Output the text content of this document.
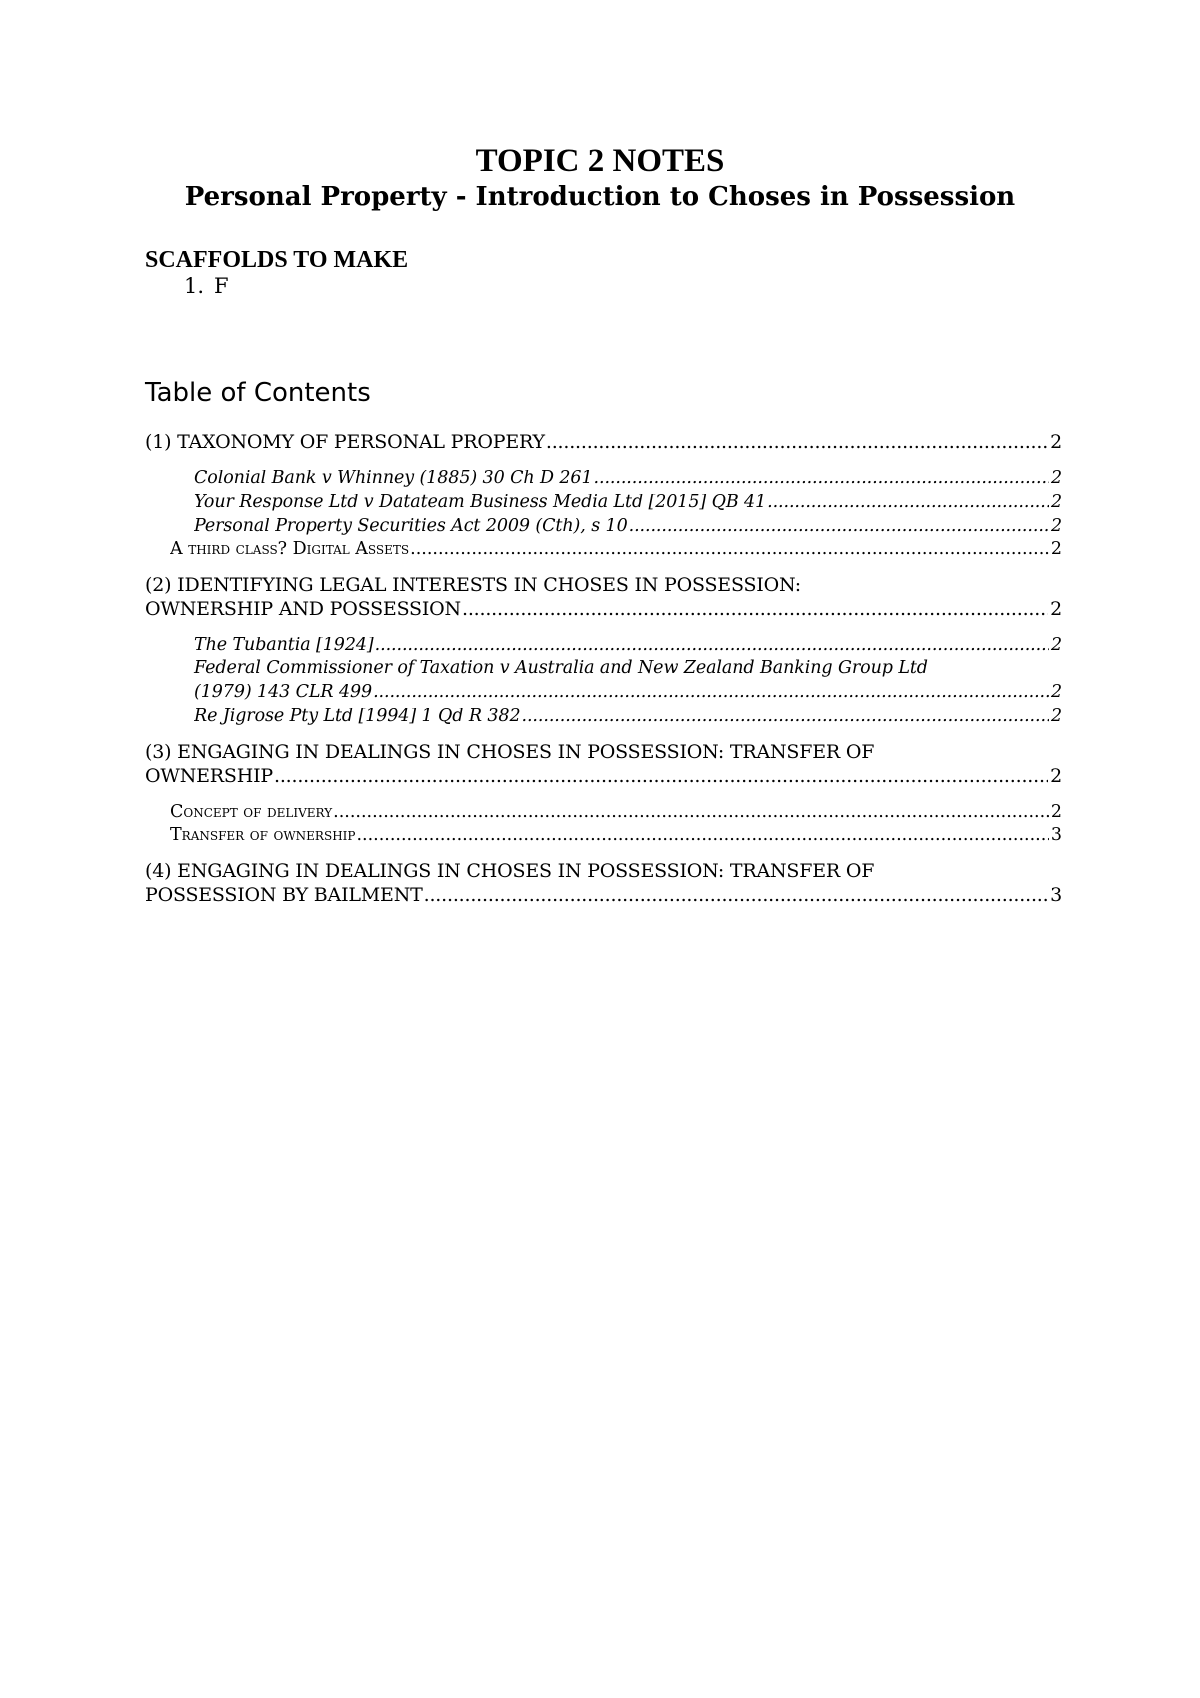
TOPIC 2 NOTES
Personal Property - Introduction to Choses in Possession
SCAFFOLDS TO MAKE
1. F
Table of Contents
(1) TAXONOMY OF PERSONAL PROPERY .....	2
Colonial Bank v Whinney (1885) 30 Ch D 261 .....	2
Your Response Ltd v Datateam Business Media Ltd [2015] QB 41 .....	2
Personal Property Securities Act 2009 (Cth), s 10 .....	2
A third class? Digital Assets .....	2
(2) IDENTIFYING LEGAL INTERESTS IN CHOSES IN POSSESSION:
OWNERSHIP AND POSSESSION .....	2
The Tubantia [1924] .....	2
Federal Commissioner of Taxation v Australia and New Zealand Banking Group Ltd
(1979) 143 CLR 499 .....	2
Re Jigrose Pty Ltd [1994] 1 Qd R 382 .....	2
(3) ENGAGING IN DEALINGS IN CHOSES IN POSSESSION: TRANSFER OF
OWNERSHIP .....	2
Concept of delivery .....	2
Transfer of ownership .....	3
(4) ENGAGING IN DEALINGS IN CHOSES IN POSSESSION: TRANSFER OF
POSSESSION BY BAILMENT .....	3
